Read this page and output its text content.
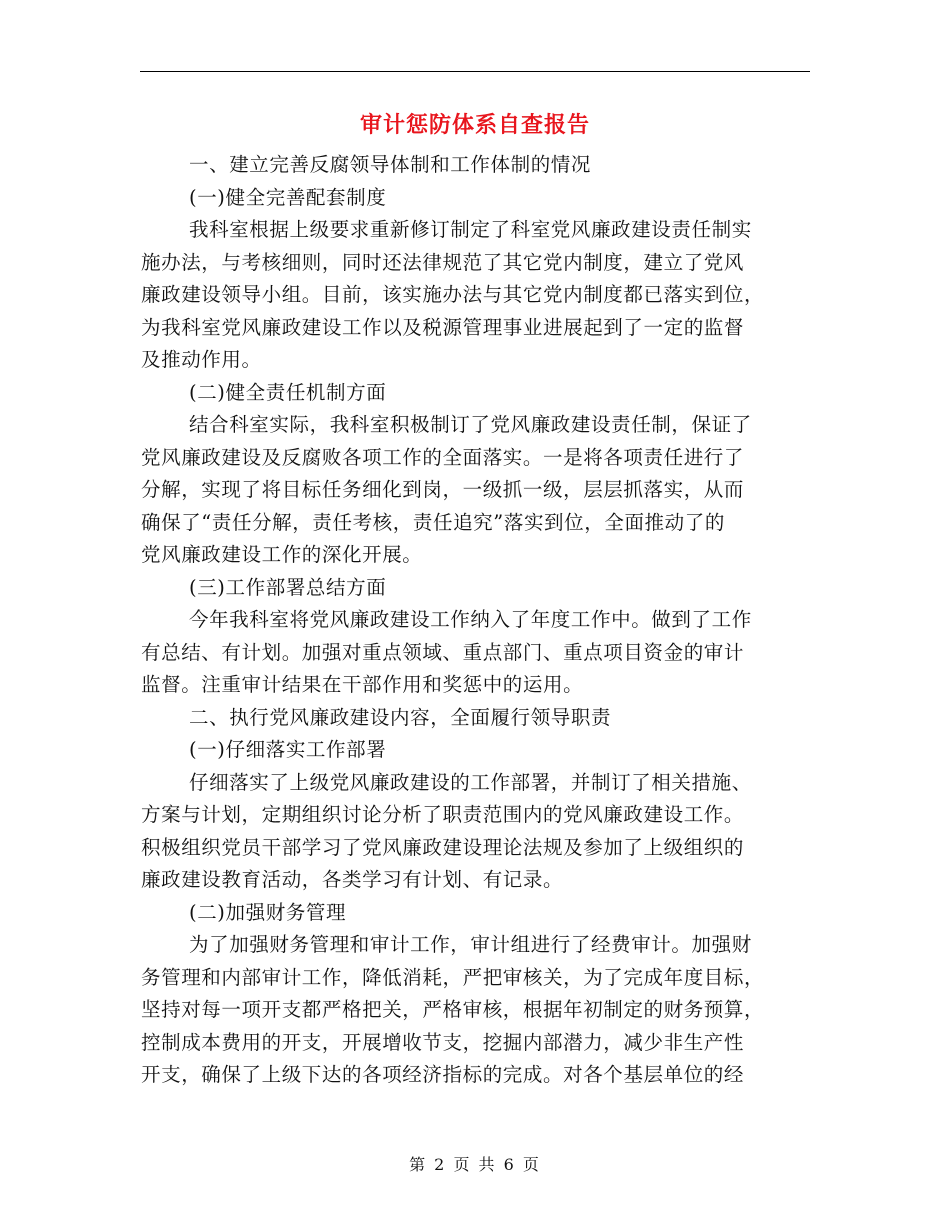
审计惩防体系自查报告

一、建立完善反腐领导体制和工作体制的情况

(一)健全完善配套制度

我科室根据上级要求重新修订制定了科室党风廉政建设责任制实
施办法，与考核细则，同时还法律规范了其它党内制度，建立了党风
廉政建设领导小组。目前，该实施办法与其它党内制度都已落实到位，
为我科室党风廉政建设工作以及税源管理事业进展起到了一定的监督
及推动作用。

(二)健全责任机制方面

结合科室实际，我科室积极制订了党风廉政建设责任制，保证了
党风廉政建设及反腐败各项工作的全面落实。一是将各项责任进行了
分解，实现了将目标任务细化到岗，一级抓一级，层层抓落实，从而
确保了“责任分解，责任考核，责任追究”落实到位，全面推动了的
党风廉政建设工作的深化开展。

(三)工作部署总结方面

今年我科室将党风廉政建设工作纳入了年度工作中。做到了工作
有总结、有计划。加强对重点领域、重点部门、重点项目资金的审计
监督。注重审计结果在干部作用和奖惩中的运用。

二、执行党风廉政建设内容，全面履行领导职责

(一)仔细落实工作部署

仔细落实了上级党风廉政建设的工作部署，并制订了相关措施、
方案与计划，定期组织讨论分析了职责范围内的党风廉政建设工作。
积极组织党员干部学习了党风廉政建设理论法规及参加了上级组织的
廉政建设教育活动，各类学习有计划、有记录。

(二)加强财务管理

为了加强财务管理和审计工作，审计组进行了经费审计。加强财
务管理和内部审计工作，降低消耗，严把审核关，为了完成年度目标，
坚持对每一项开支都严格把关，严格审核，根据年初制定的财务预算，
控制成本费用的开支，开展增收节支，挖掘内部潜力，减少非生产性
开支，确保了上级下达的各项经济指标的完成。对各个基层单位的经

第 2 页 共 6 页
